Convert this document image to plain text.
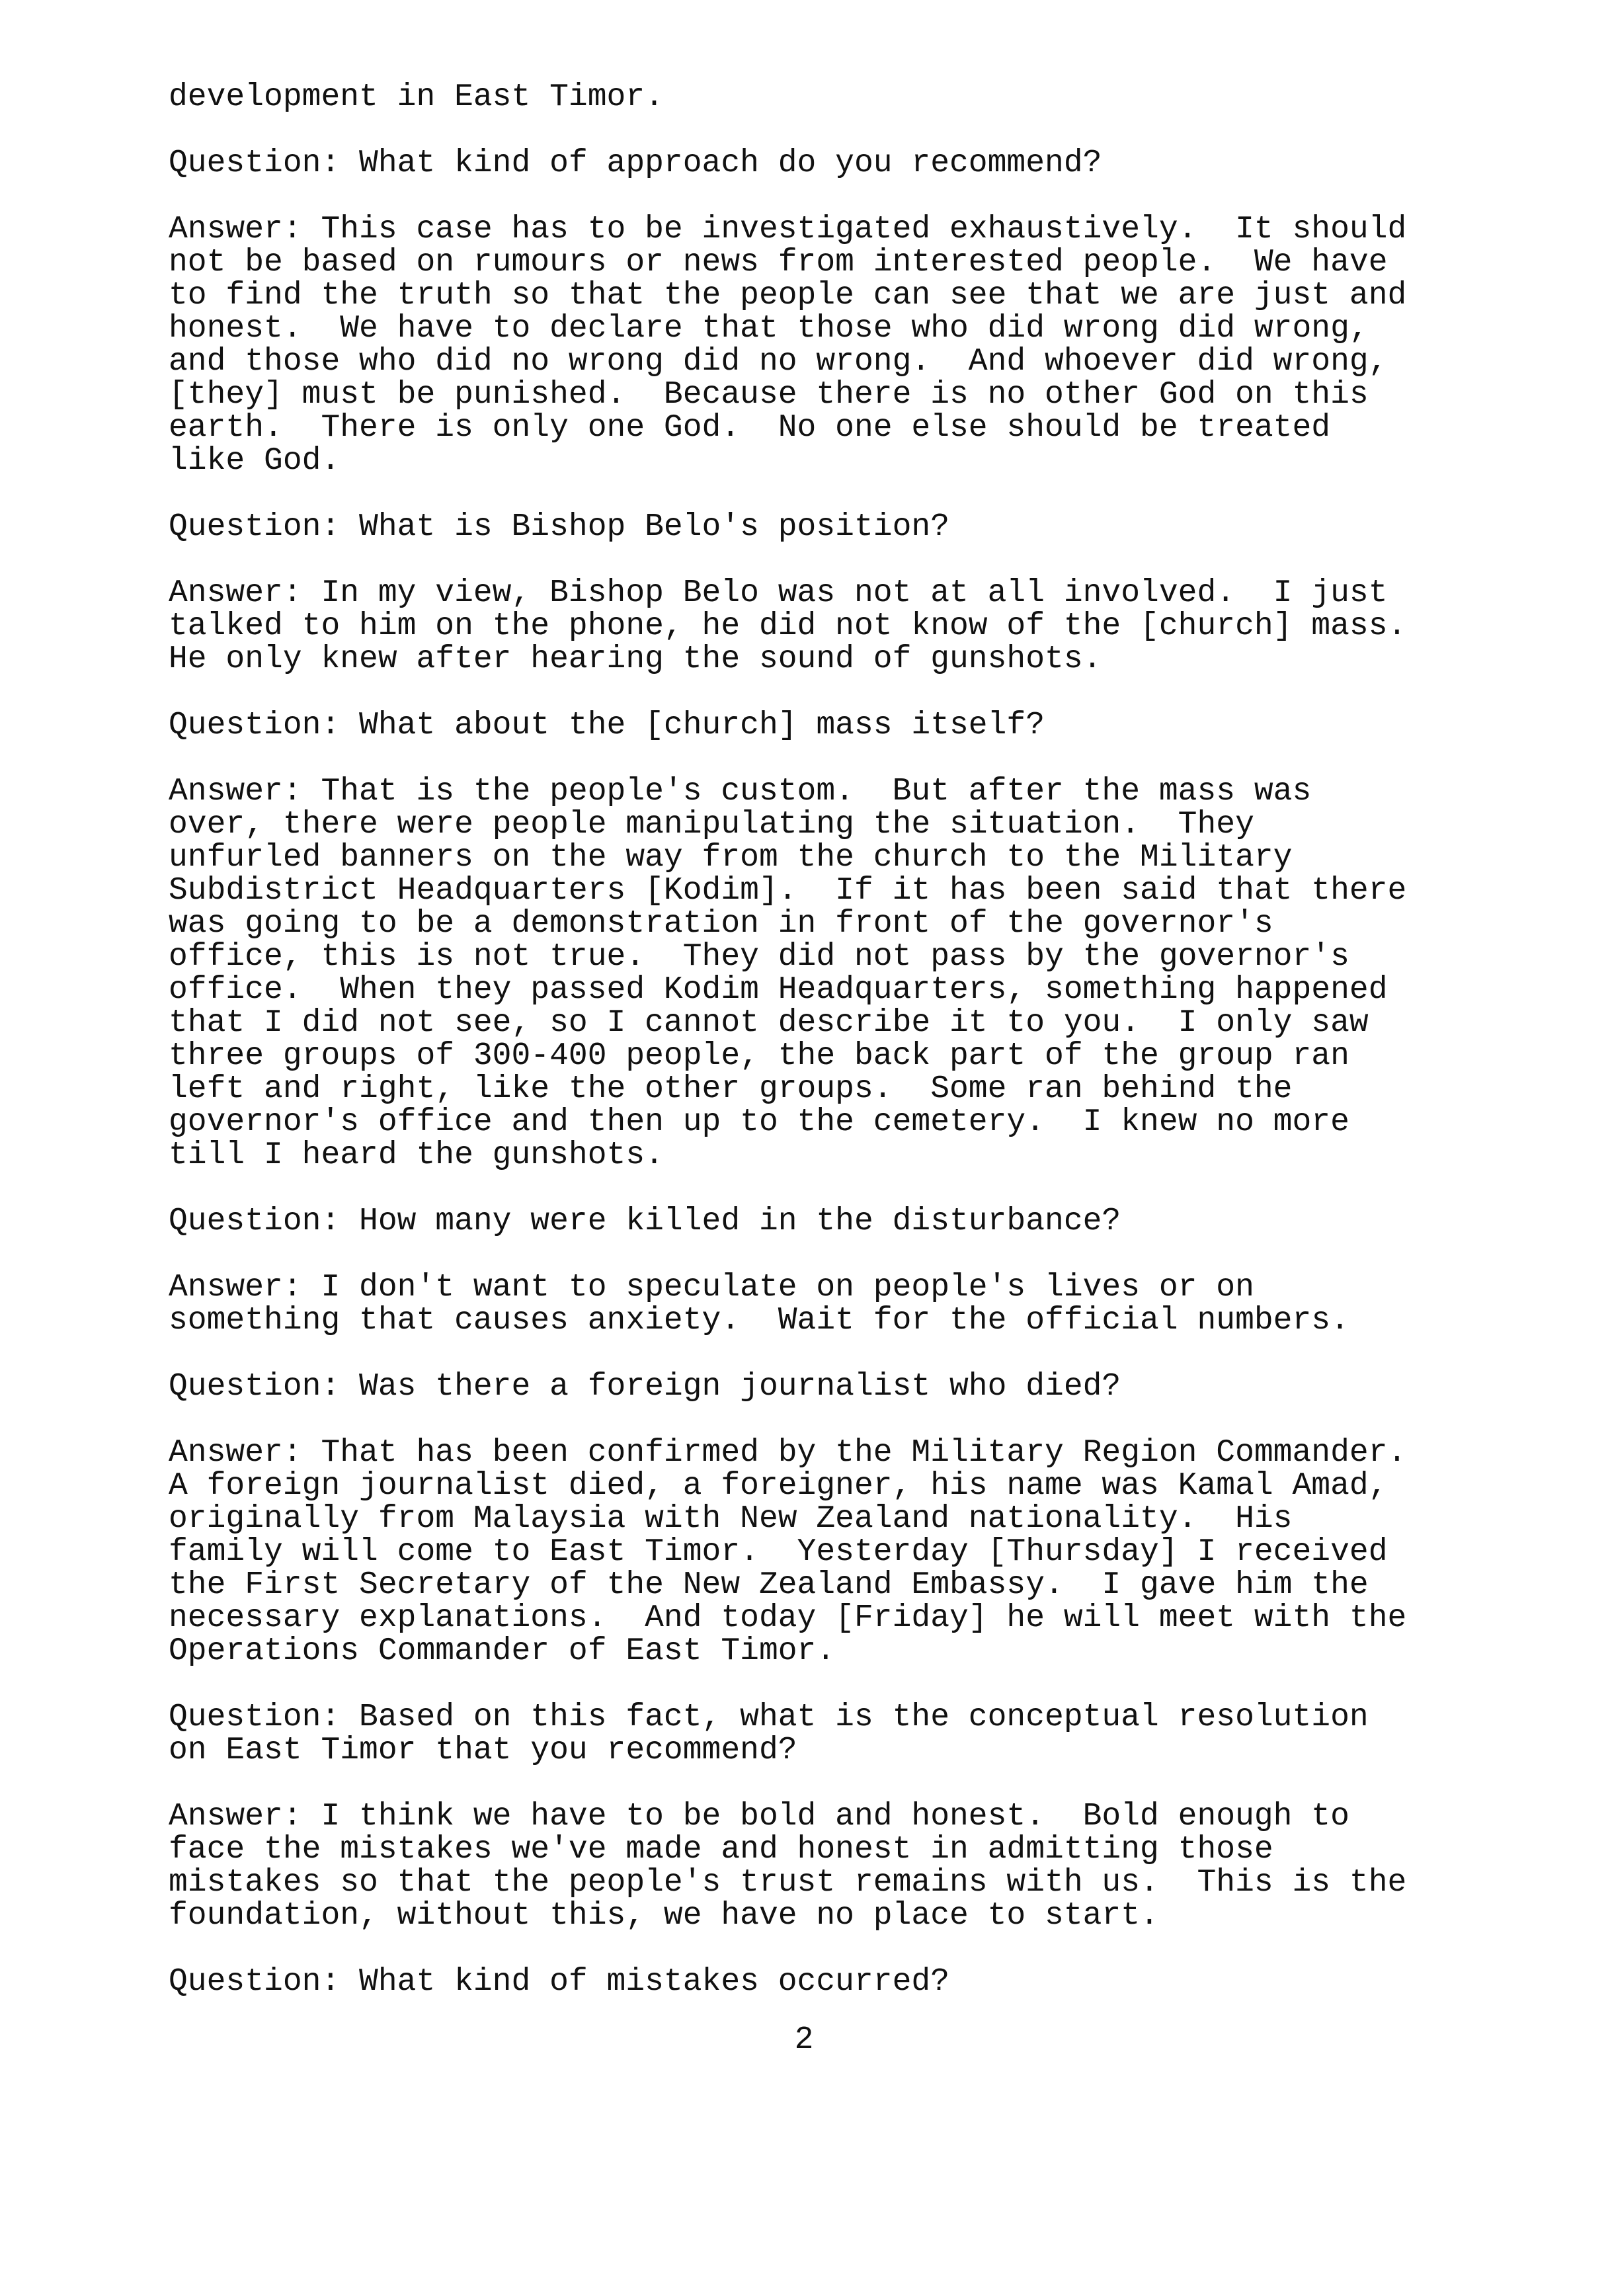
development in East Timor.

Question: What kind of approach do you recommend?

Answer: This case has to be investigated exhaustively.  It should
not be based on rumours or news from interested people.  We have
to find the truth so that the people can see that we are just and
honest.  We have to declare that those who did wrong did wrong,
and those who did no wrong did no wrong.  And whoever did wrong,
[they] must be punished.  Because there is no other God on this
earth.  There is only one God.  No one else should be treated
like God.

Question: What is Bishop Belo's position?

Answer: In my view, Bishop Belo was not at all involved.  I just
talked to him on the phone, he did not know of the [church] mass.
He only knew after hearing the sound of gunshots.

Question: What about the [church] mass itself?

Answer: That is the people's custom.  But after the mass was
over, there were people manipulating the situation.  They
unfurled banners on the way from the church to the Military
Subdistrict Headquarters [Kodim].  If it has been said that there
was going to be a demonstration in front of the governor's
office, this is not true.  They did not pass by the governor's
office.  When they passed Kodim Headquarters, something happened
that I did not see, so I cannot describe it to you.  I only saw
three groups of 300-400 people, the back part of the group ran
left and right, like the other groups.  Some ran behind the
governor's office and then up to the cemetery.  I knew no more
till I heard the gunshots.

Question: How many were killed in the disturbance?

Answer: I don't want to speculate on people's lives or on
something that causes anxiety.  Wait for the official numbers.

Question: Was there a foreign journalist who died?

Answer: That has been confirmed by the Military Region Commander.
A foreign journalist died, a foreigner, his name was Kamal Amad,
originally from Malaysia with New Zealand nationality.  His
family will come to East Timor.  Yesterday [Thursday] I received
the First Secretary of the New Zealand Embassy.  I gave him the
necessary explanations.  And today [Friday] he will meet with the
Operations Commander of East Timor.

Question: Based on this fact, what is the conceptual resolution
on East Timor that you recommend?

Answer: I think we have to be bold and honest.  Bold enough to
face the mistakes we've made and honest in admitting those
mistakes so that the people's trust remains with us.  This is the
foundation, without this, we have no place to start.

Question: What kind of mistakes occurred?

2
